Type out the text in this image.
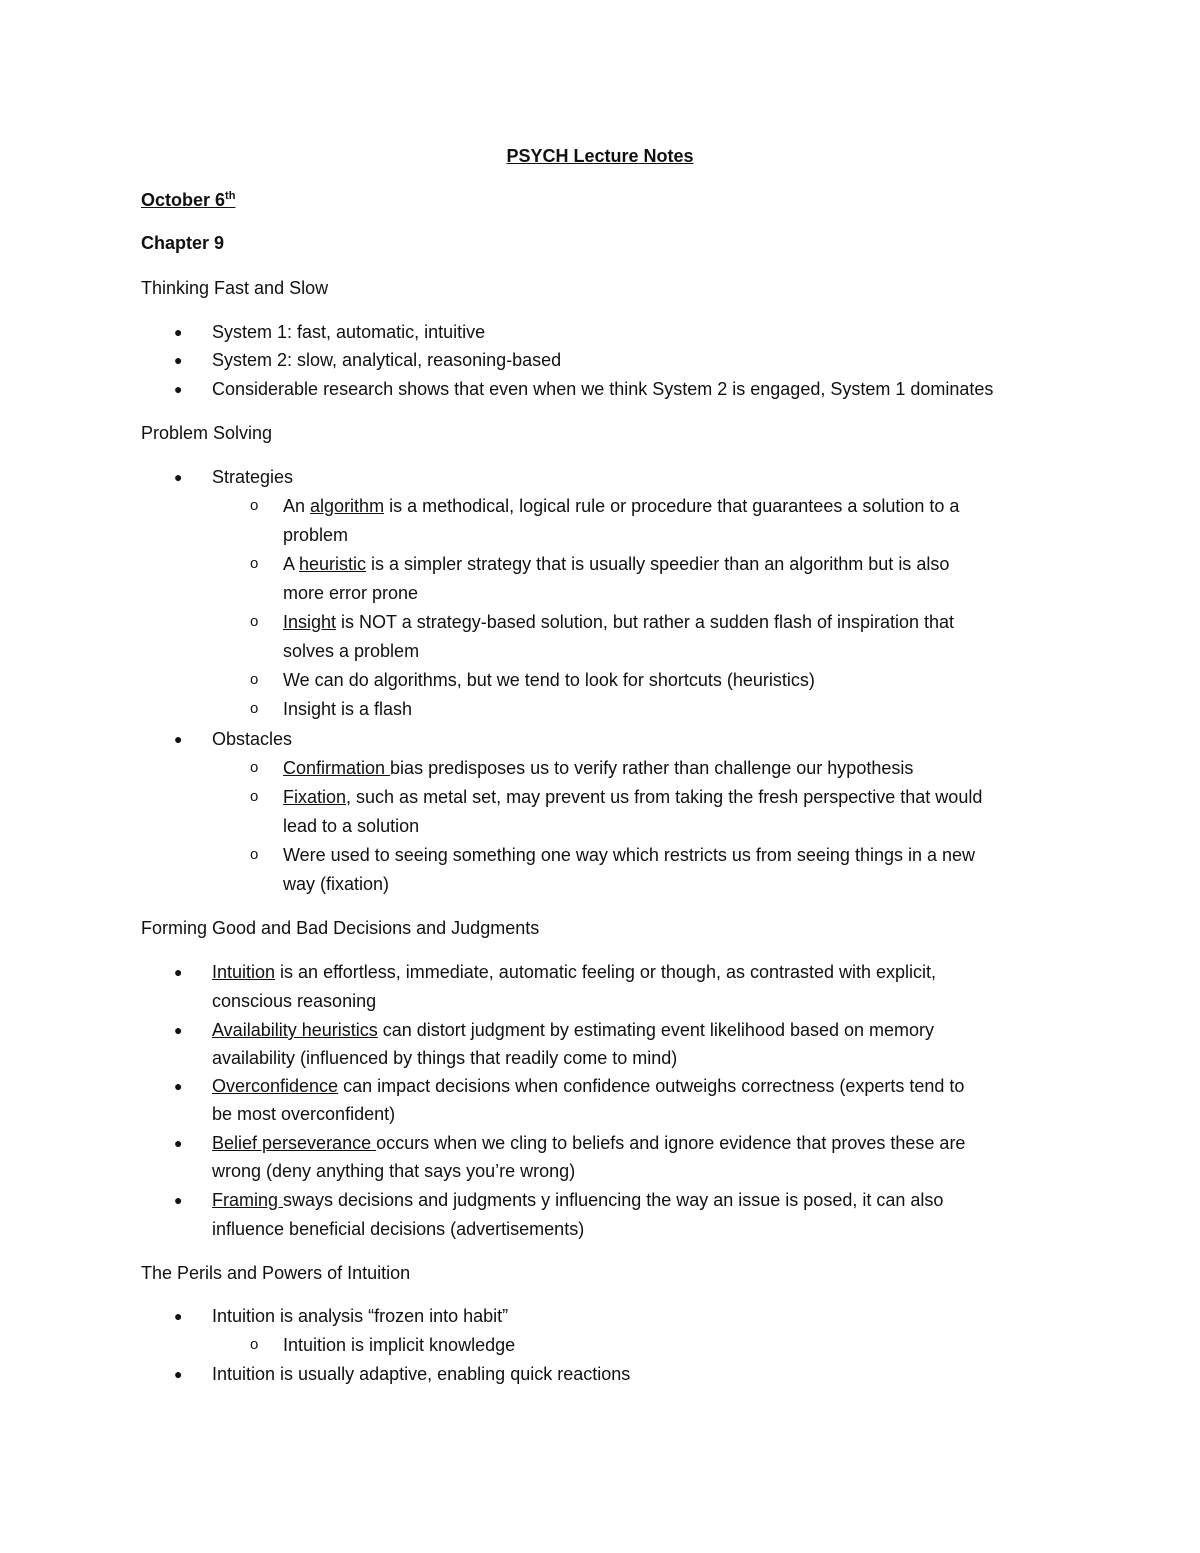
PSYCH Lecture Notes
October 6th
Chapter 9
Thinking Fast and Slow
● System 1: fast, automatic, intuitive
● System 2: slow, analytical, reasoning-based
● Considerable research shows that even when we think System 2 is engaged, System 1 dominates
Problem Solving
● Strategies
o An algorithm is a methodical, logical rule or procedure that guarantees a solution to a
problem
o A heuristic is a simpler strategy that is usually speedier than an algorithm but is also
more error prone
o Insight is NOT a strategy-based solution, but rather a sudden flash of inspiration that
solves a problem
o We can do algorithms, but we tend to look for shortcuts (heuristics)
o Insight is a flash
● Obstacles
o Confirmation bias predisposes us to verify rather than challenge our hypothesis
o Fixation, such as metal set, may prevent us from taking the fresh perspective that would
lead to a solution
o Were used to seeing something one way which restricts us from seeing things in a new
way (fixation)
Forming Good and Bad Decisions and Judgments
● Intuition is an effortless, immediate, automatic feeling or though, as contrasted with explicit,
conscious reasoning
● Availability heuristics can distort judgment by estimating event likelihood based on memory
availability (influenced by things that readily come to mind)
● Overconfidence can impact decisions when confidence outweighs correctness (experts tend to
be most overconfident)
● Belief perseverance occurs when we cling to beliefs and ignore evidence that proves these are
wrong (deny anything that says you’re wrong)
● Framing sways decisions and judgments y influencing the way an issue is posed, it can also
influence beneficial decisions (advertisements)
The Perils and Powers of Intuition
● Intuition is analysis “frozen into habit”
o Intuition is implicit knowledge
● Intuition is usually adaptive, enabling quick reactions
